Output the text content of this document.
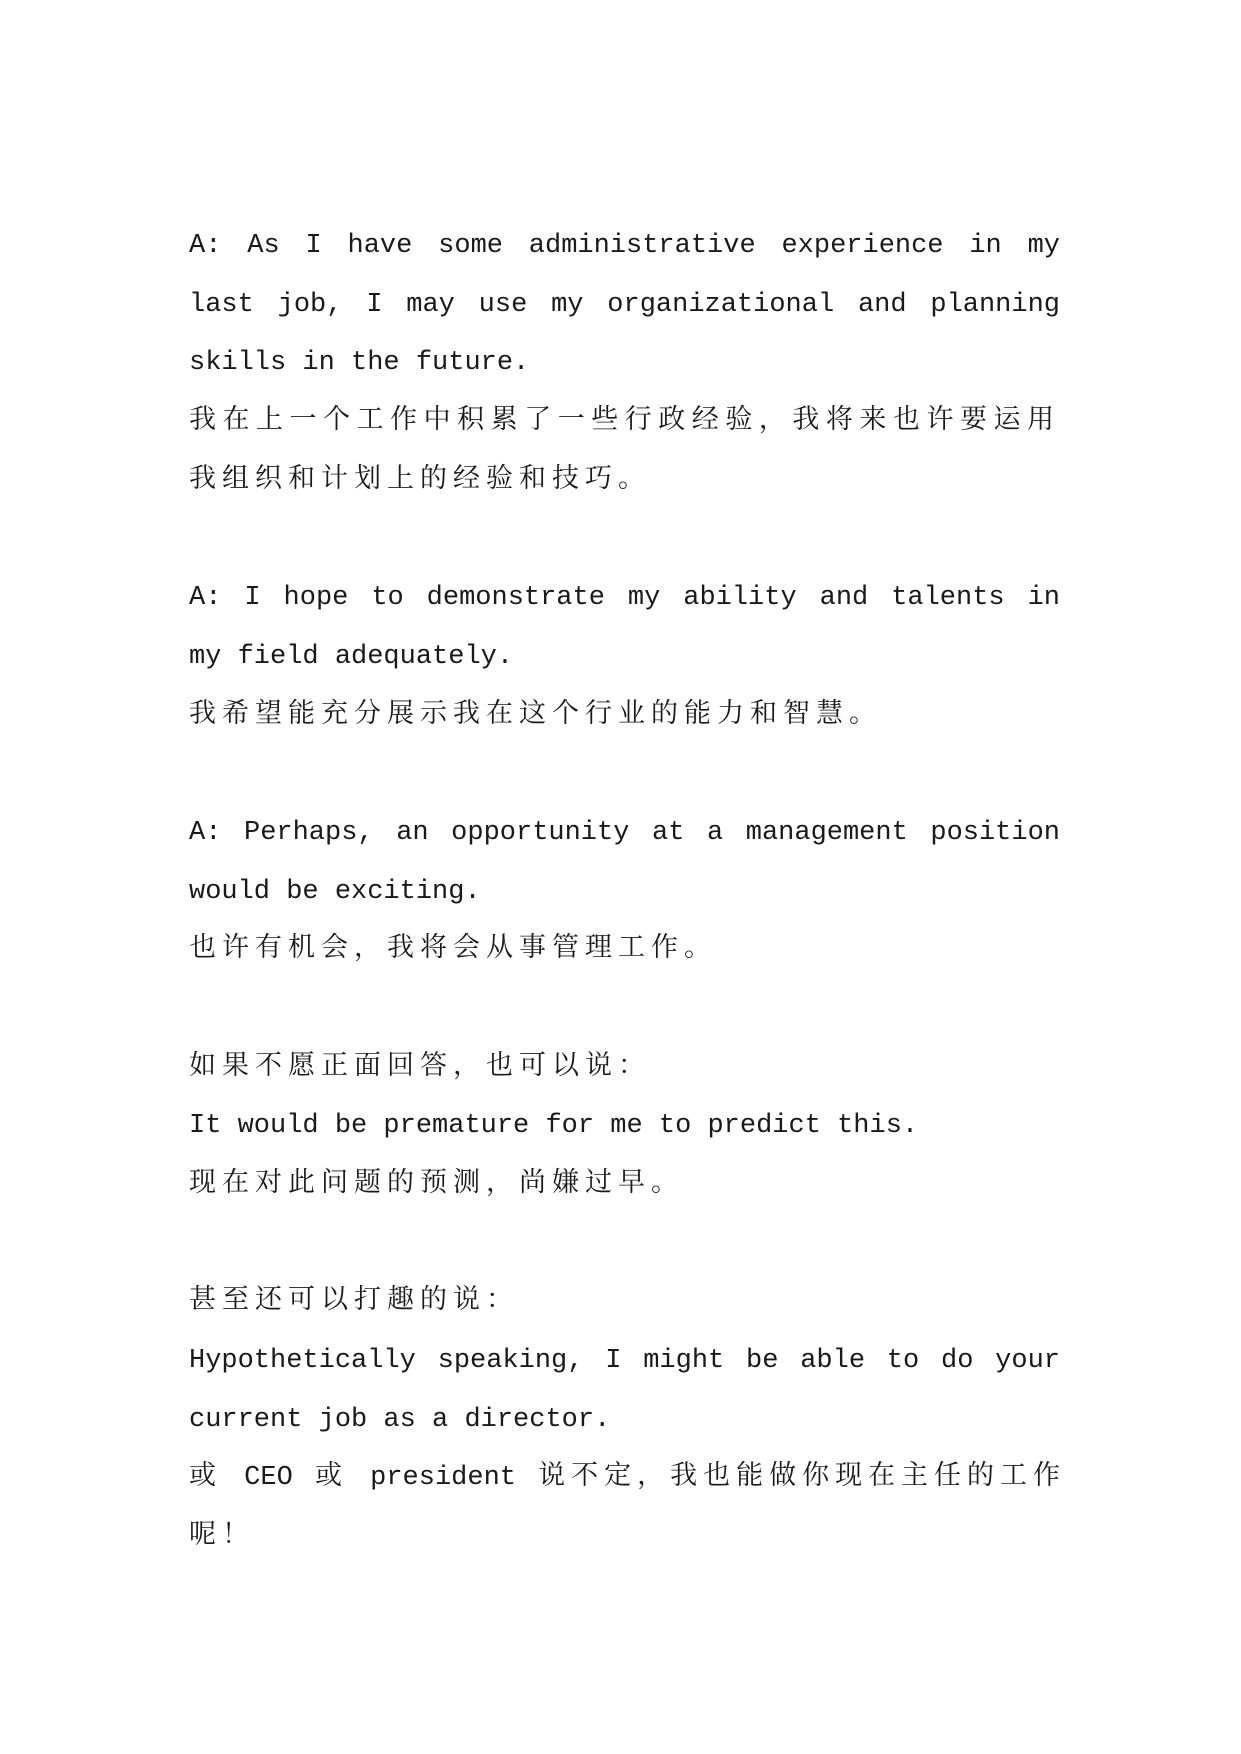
A: As I have some administrative experience in my
last job, I may use my organizational and planning
skills in the future.
我在上一个工作中积累了一些行政经验，我将来也许要运用
我组织和计划上的经验和技巧。
A: I hope to demonstrate my ability and talents in
my field adequately.
我希望能充分展示我在这个行业的能力和智慧。
A: Perhaps, an opportunity at a management position
would be exciting.
也许有机会，我将会从事管理工作。
如果不愿正面回答，也可以说：
It would be premature for me to predict this.
现在对此问题的预测，尚嫌过早。
甚至还可以打趣的说：
Hypothetically speaking, I might be able to do your
current job as a director.
或 CEO 或 president 说不定，我也能做你现在主任的工作
呢！
